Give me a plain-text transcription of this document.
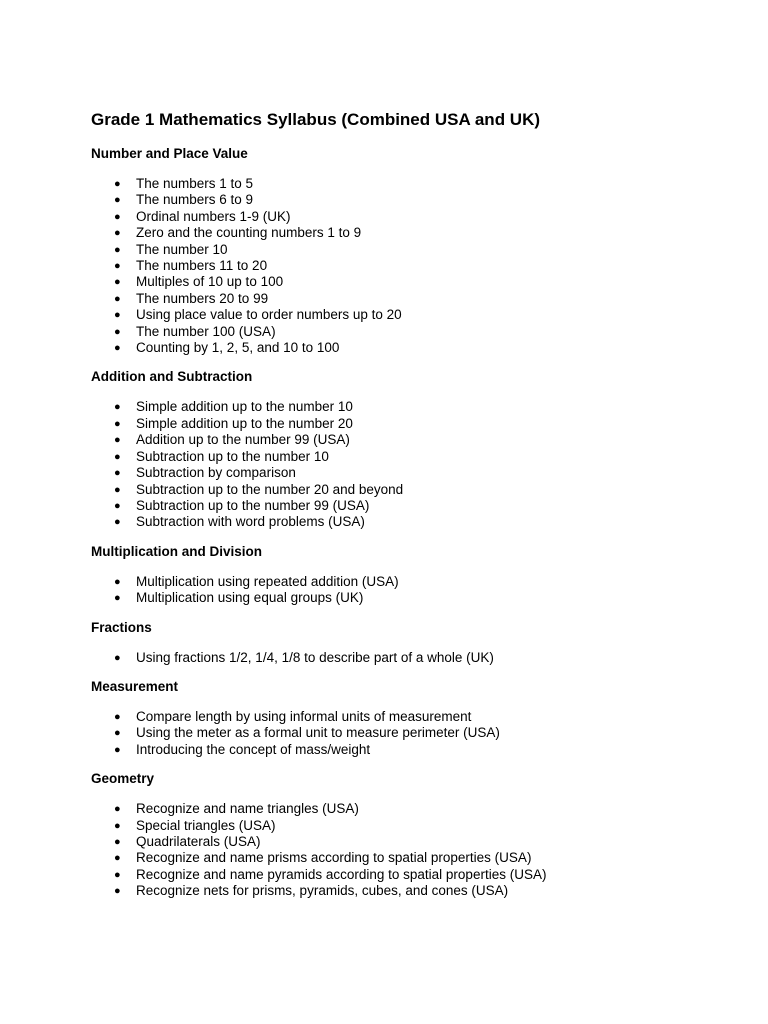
Grade 1 Mathematics Syllabus (Combined USA and UK)
Number and Place Value
● The numbers 1 to 5
● The numbers 6 to 9
● Ordinal numbers 1-9 (UK)
● Zero and the counting numbers 1 to 9
● The number 10
● The numbers 11 to 20
● Multiples of 10 up to 100
● The numbers 20 to 99
● Using place value to order numbers up to 20
● The number 100 (USA)
● Counting by 1, 2, 5, and 10 to 100
Addition and Subtraction
● Simple addition up to the number 10
● Simple addition up to the number 20
● Addition up to the number 99 (USA)
● Subtraction up to the number 10
● Subtraction by comparison
● Subtraction up to the number 20 and beyond
● Subtraction up to the number 99 (USA)
● Subtraction with word problems (USA)
Multiplication and Division
● Multiplication using repeated addition (USA)
● Multiplication using equal groups (UK)
Fractions
● Using fractions 1/2, 1/4, 1/8 to describe part of a whole (UK)
Measurement
● Compare length by using informal units of measurement
● Using the meter as a formal unit to measure perimeter (USA)
● Introducing the concept of mass/weight
Geometry
● Recognize and name triangles (USA)
● Special triangles (USA)
● Quadrilaterals (USA)
● Recognize and name prisms according to spatial properties (USA)
● Recognize and name pyramids according to spatial properties (USA)
● Recognize nets for prisms, pyramids, cubes, and cones (USA)
